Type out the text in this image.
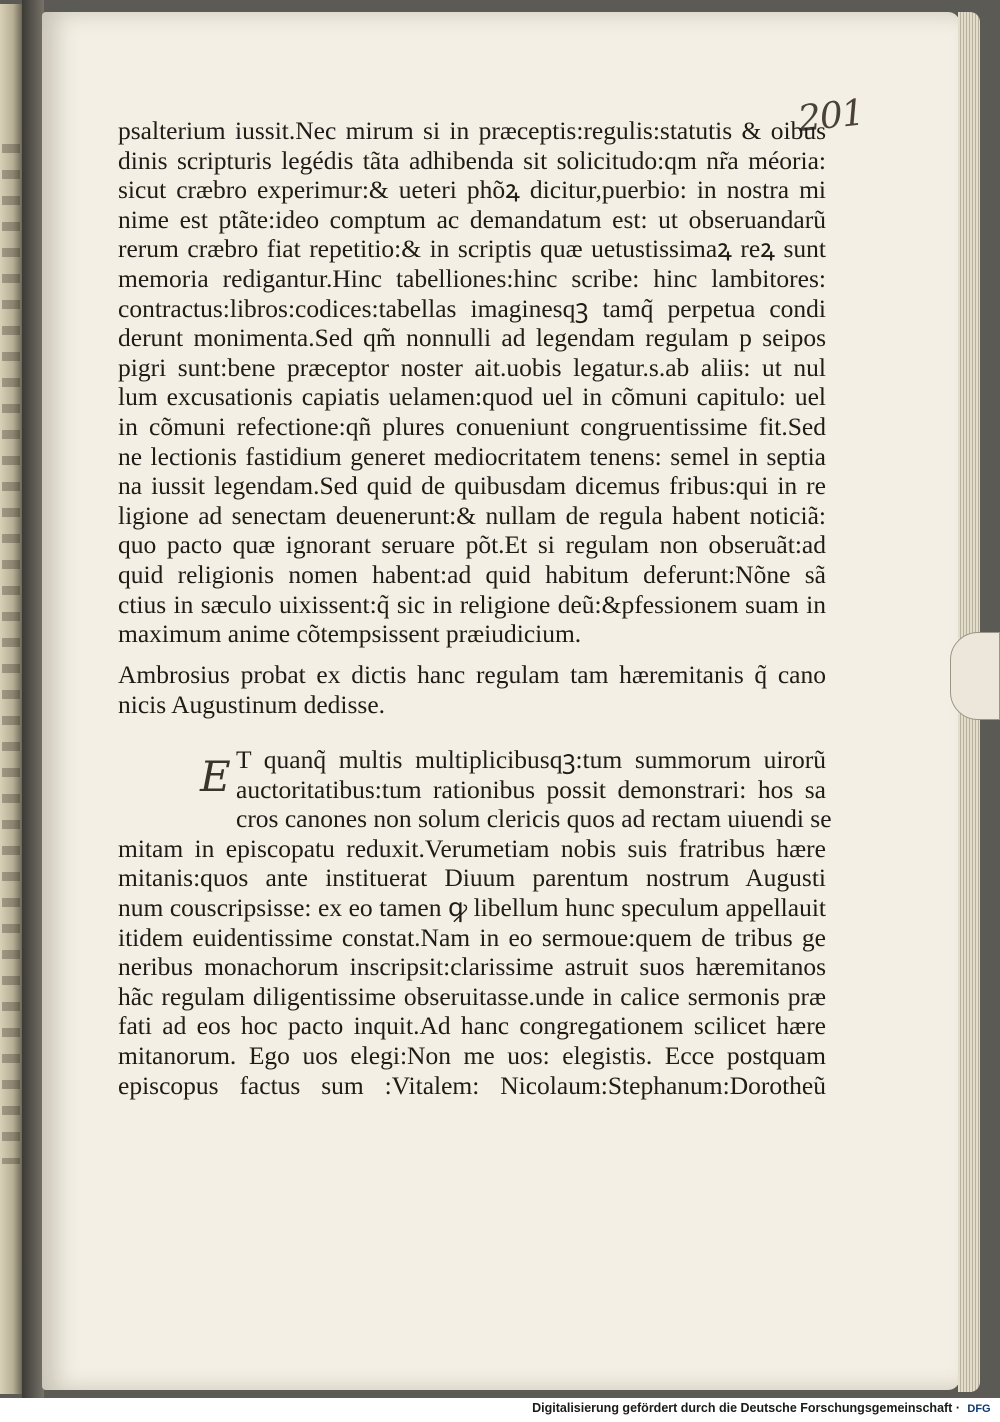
201
psalterium iussit.Nec mirum si in præceptis:regulis:statutis & oibus
dinis scripturis legédis tãta adhibenda sit solicitudo:qm nr̃a méoria:
sicut cræbro experimur:& ueteri phõꝝ dicitur,puerbio: in nostra mi
nime est ptãte:ideo comptum ac demandatum est: ut obseruandarũ
rerum cræbro fiat repetitio:& in scriptis quæ uetustissimaꝝ reꝝ sunt
memoria redigantur.Hinc tabelliones:hinc scribe: hinc lambitores:
contractus:libros:codices:tabellas imaginesqꝫ tamq̃ perpetua condi
derunt monimenta.Sed qm̃ nonnulli ad legendam regulam p seipos
pigri sunt:bene præceptor noster ait.uobis legatur.s.ab aliis: ut nul
lum excusationis capiatis uelamen:quod uel in cõmuni capitulo: uel
in cõmuni refectione:qñ plures conueniunt congruentissime fit.Sed
ne lectionis fastidium generet mediocritatem tenens: semel in septia
na iussit legendam.Sed quid de quibusdam dicemus fribus:qui in re
ligione ad senectam deuenerunt:& nullam de regula habent noticiã:
quo pacto quæ ignorant seruare põt.Et si regulam non obseruãt:ad
quid religionis nomen habent:ad quid habitum deferunt:Nõne sã
ctius in sæculo uixissent:q̃ sic in religione deũ:&pfessionem suam in
maximum anime cõtempsissent præiudicium.
Ambrosius probat ex dictis hanc regulam tam hæremitanis q̃ cano
nicis Augustinum dedisse.
E T quanq̃ multis multiplicibusqꝫ:tum summorum uirorũ
auctoritatibus:tum rationibus possit demonstrari: hos sa
cros canones non solum clericis quos ad rectam uiuendi se
mitam in episcopatu reduxit.Verumetiam nobis suis fratribus hære
mitanis:quos ante instituerat Diuum parentum nostrum Augusti
num couscripsisse: ex eo tamen ꝙ libellum hunc speculum appellauit
itidem euidentissime constat.Nam in eo sermoue:quem de tribus ge
neribus monachorum inscripsit:clarissime astruit suos hæremitanos
hãc regulam diligentissime obseruitasse.unde in calice sermonis præ
fati ad eos hoc pacto inquit.Ad hanc congregationem scilicet hære
mitanorum. Ego uos elegi:Non me uos: elegistis. Ecce postquam
episcopus factus sum :Vitalem: Nicolaum:Stephanum:Dorotheũ
Digitalisierung gefördert durch die Deutsche Forschungsgemeinschaft · DFG
